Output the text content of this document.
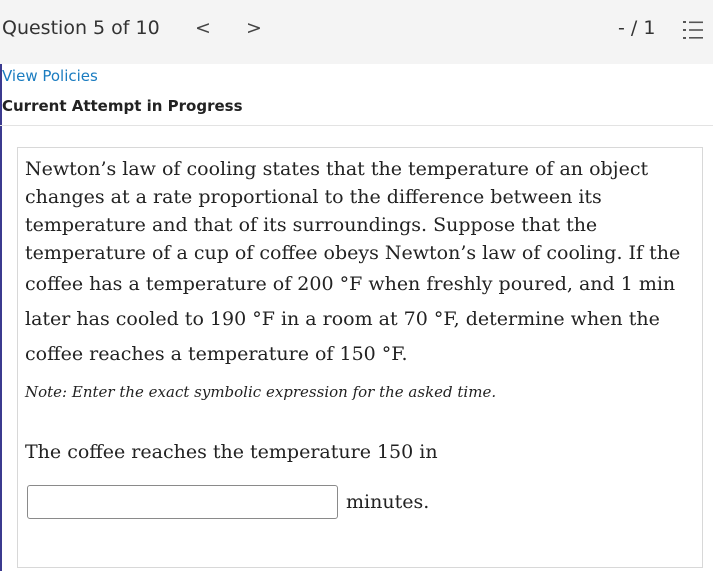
Question 5 of 10 < >	- / 1
View Policies
Current Attempt in Progress
Newton’s law of cooling states that the temperature of an object
changes at a rate proportional to the difference between its
temperature and that of its surroundings. Suppose that the
temperature of a cup of coffee obeys Newton’s law of cooling. If the
coffee has a temperature of 200 °F when freshly poured, and 1 min
later has cooled to 190 °F in a room at 70 °F, determine when the
coffee reaches a temperature of 150 °F.
Note: Enter the exact symbolic expression for the asked time.
The coffee reaches the temperature 150 in
minutes.
